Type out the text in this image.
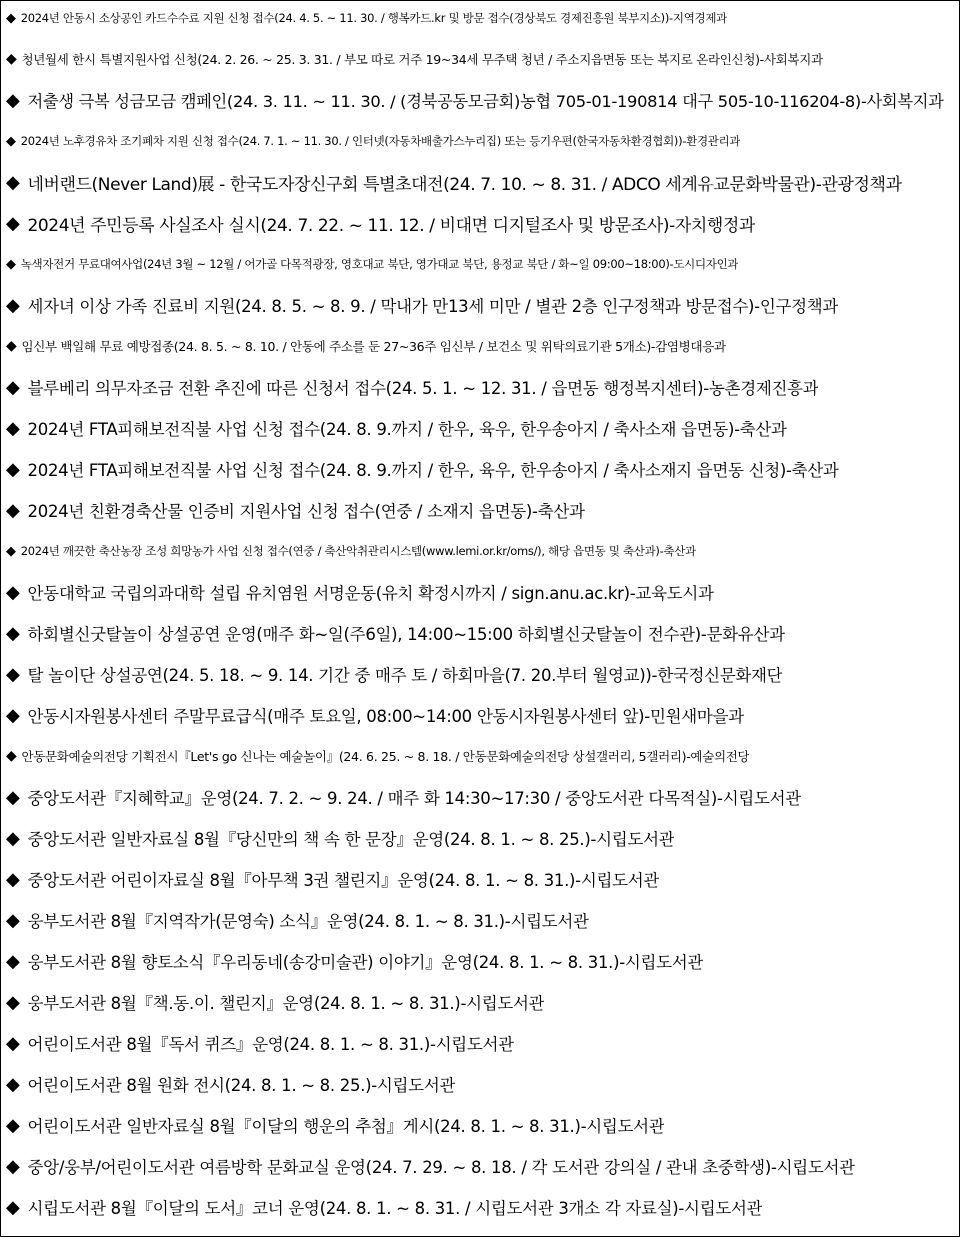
◆ 2024년 안동시 소상공인 카드수수료 지원 신청 접수(24. 4. 5. ~ 11. 30. / 행복카드.kr 및 방문 접수(경상북도 경제진흥원 북부지소))-지역경제과
◆ 청년월세 한시 특별지원사업 신청(24. 2. 26. ~ 25. 3. 31. / 부모 따로 거주 19~34세 무주택 청년 / 주소지읍면동 또는 복지로 온라인신청)-사회복지과
◆ 저출생 극복 성금모금 캠페인(24. 3. 11. ~ 11. 30. / (경북공동모금회)농협 705-01-190814 대구 505-10-116204-8)-사회복지과
◆ 2024년 노후경유차 조기폐차 지원 신청 접수(24. 7. 1. ~ 11. 30. / 인터넷(자동차배출가스누리집) 또는 등기우편(한국자동차환경협회))-환경관리과
◆ 네버랜드(Never Land)展 - 한국도자장신구회 특별초대전(24. 7. 10. ~ 8. 31. / ADCO 세계유교문화박물관)-관광정책과
◆ 2024년 주민등록 사실조사 실시(24. 7. 22. ~ 11. 12. / 비대면 디지털조사 및 방문조사)-자치행정과
◆ 녹색자전거 무료대여사업(24년 3월 ~ 12월 / 어가골 다목적광장, 영호대교 북단, 영가대교 북단, 용정교 북단 / 화~일 09:00~18:00)-도시디자인과
◆ 세자녀 이상 가족 진료비 지원(24. 8. 5. ~ 8. 9. / 막내가 만13세 미만 / 별관 2층 인구정책과 방문접수)-인구정책과
◆ 임신부 백일해 무료 예방접종(24. 8. 5. ~ 8. 10. / 안동에 주소를 둔 27~36주 임신부 / 보건소 및 위탁의료기관 5개소)-감염병대응과
◆ 블루베리 의무자조금 전환 추진에 따른 신청서 접수(24. 5. 1. ~ 12. 31. / 읍면동 행정복지센터)-농촌경제진흥과
◆ 2024년 FTA피해보전직불 사업 신청 접수(24. 8. 9.까지 / 한우, 육우, 한우송아지 / 축사소재 읍면동)-축산과
◆ 2024년 FTA피해보전직불 사업 신청 접수(24. 8. 9.까지 / 한우, 육우, 한우송아지 / 축사소재지 읍면동 신청)-축산과
◆ 2024년 친환경축산물 인증비 지원사업 신청 접수(연중 / 소재지 읍면동)-축산과
◆ 2024년 깨끗한 축산농장 조성 희망농가 사업 신청 접수(연중 / 축산악취관리시스템(www.lemi.or.kr/oms/), 해당 읍면동 및 축산과)-축산과
◆ 안동대학교 국립의과대학 설립 유치염원 서명운동(유치 확정시까지 / sign.anu.ac.kr)-교육도시과
◆ 하회별신굿탈놀이 상설공연 운영(매주 화~일(주6일), 14:00~15:00 하회별신굿탈놀이 전수관)-문화유산과
◆ 탈 놀이단 상설공연(24. 5. 18. ~ 9. 14. 기간 중 매주 토 / 하회마을(7. 20.부터 월영교))-한국정신문화재단
◆ 안동시자원봉사센터 주말무료급식(매주 토요일, 08:00~14:00 안동시자원봉사센터 앞)-민원새마을과
◆ 안동문화예술의전당 기획전시『Let's go 신나는 예술놀이』(24. 6. 25. ~ 8. 18. / 안동문화예술의전당 상설갤러리, 5갤러리)-예술의전당
◆ 중앙도서관『지혜학교』운영(24. 7. 2. ~ 9. 24. / 매주 화 14:30~17:30 / 중앙도서관 다목적실)-시립도서관
◆ 중앙도서관 일반자료실 8월『당신만의 책 속 한 문장』운영(24. 8. 1. ~ 8. 25.)-시립도서관
◆ 중앙도서관 어린이자료실 8월『아무책 3권 챌린지』운영(24. 8. 1. ~ 8. 31.)-시립도서관
◆ 웅부도서관 8월『지역작가(문영숙) 소식』운영(24. 8. 1. ~ 8. 31.)-시립도서관
◆ 웅부도서관 8월 향토소식『우리동네(송강미술관) 이야기』운영(24. 8. 1. ~ 8. 31.)-시립도서관
◆ 웅부도서관 8월『책.동.이. 챌린지』운영(24. 8. 1. ~ 8. 31.)-시립도서관
◆ 어린이도서관 8월『독서 퀴즈』운영(24. 8. 1. ~ 8. 31.)-시립도서관
◆ 어린이도서관 8월 원화 전시(24. 8. 1. ~ 8. 25.)-시립도서관
◆ 어린이도서관 일반자료실 8월『이달의 행운의 추첨』게시(24. 8. 1. ~ 8. 31.)-시립도서관
◆ 중앙/웅부/어린이도서관 여름방학 문화교실 운영(24. 7. 29. ~ 8. 18. / 각 도서관 강의실 / 관내 초중학생)-시립도서관
◆ 시립도서관 8월『이달의 도서』코너 운영(24. 8. 1. ~ 8. 31. / 시립도서관 3개소 각 자료실)-시립도서관
